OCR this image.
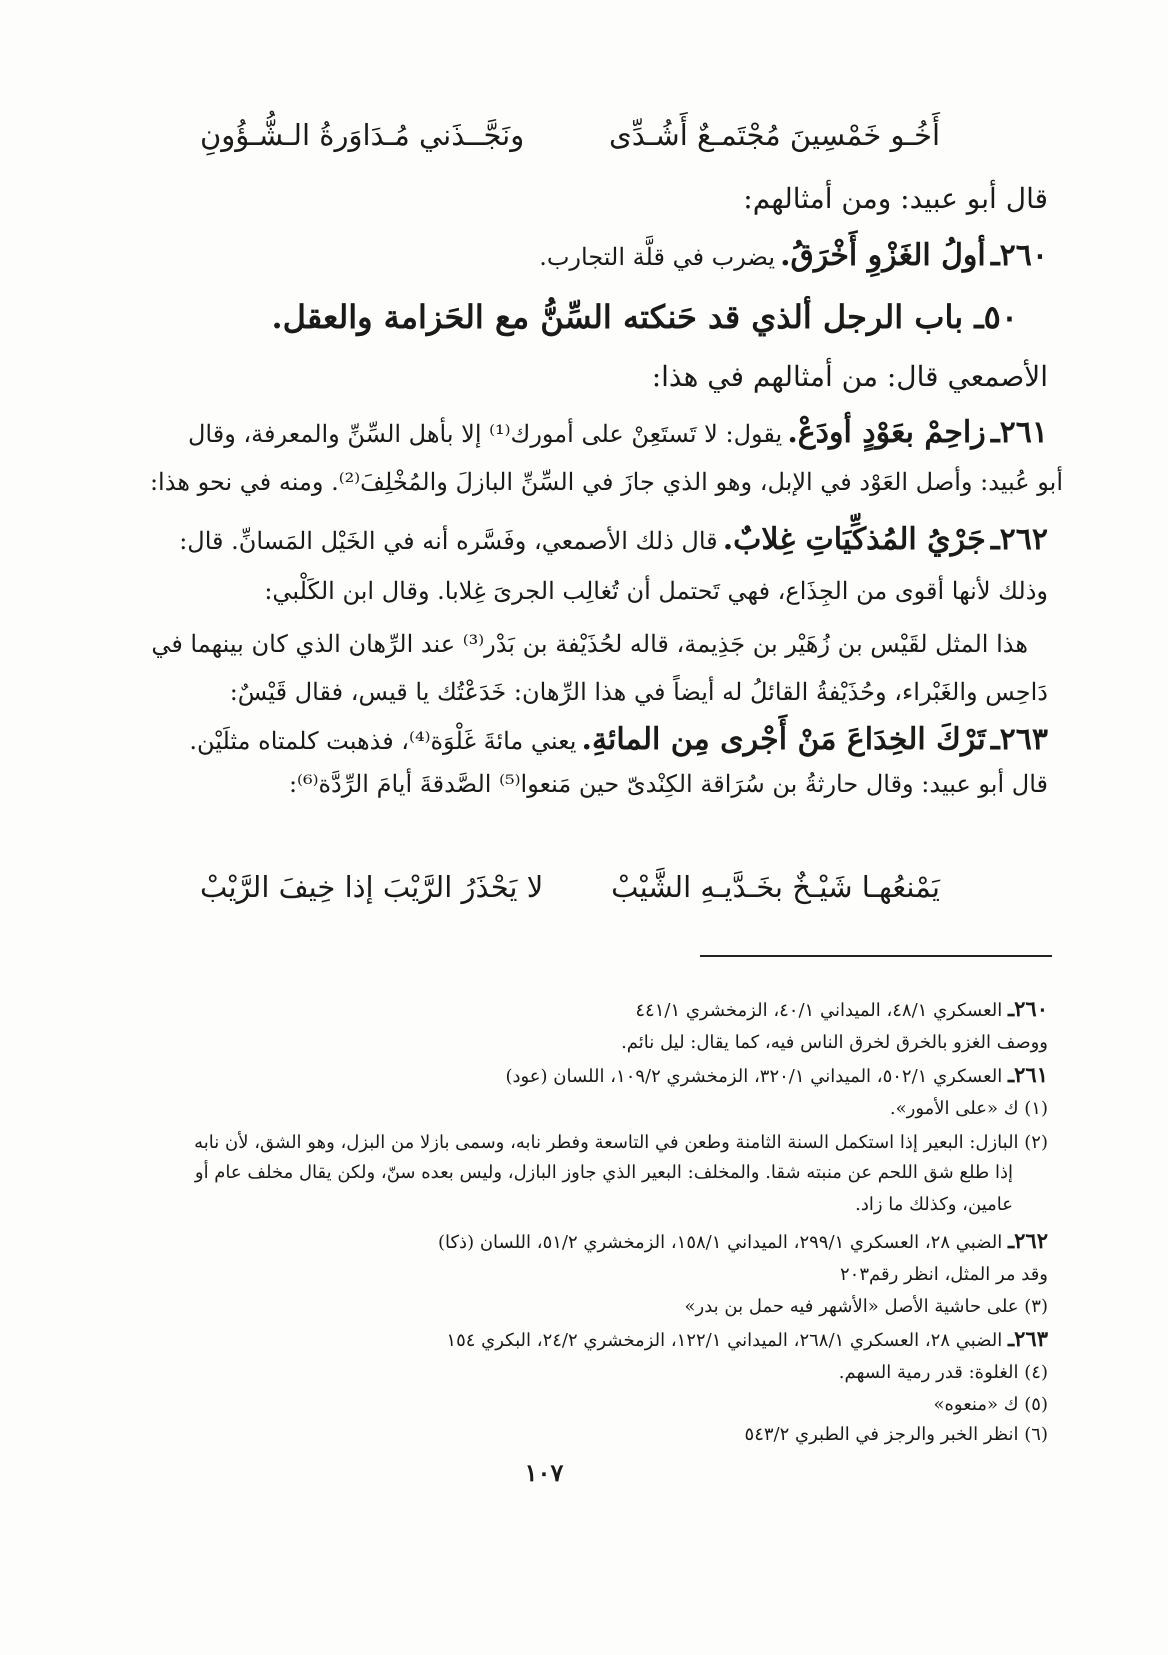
أَخُـو خَمْسِينَ مُجْتَمـعٌ أَشُـدِّى
ونَجَّــذَني مُـدَاوَرةُ الـشُّـؤُونِ
قال أبو عبيد: ومن أمثالهم:
٢٦٠ـ أولُ الغَزْوِ أَخْرَقُ. يضرب في قلَّة التجارب.
٥٠ـ باب الرجل ألذي قد حَنكته السِّنُّ مع الحَزامة والعقل.
الأصمعي قال: من أمثالهم في هذا:
٢٦١ـ زاحِمْ بعَوْدٍ أودَعْ. يقول: لا تَستَعِنْ على أمورك⁽¹⁾ إلا بأهل السِّنِّ والمعرفة، وقال
أبو عُبيد: وأصل العَوْد في الإبل، وهو الذي جازَ في السِّنِّ البازلَ والمُخْلِفَ⁽²⁾. ومنه في نحو هذا:
٢٦٢ـ جَرْيُ المُذكِّيَاتِ غِلابٌ. قال ذلك الأصمعي، وفَسَّره أنه في الخَيْل المَسانِّ. قال:
وذلك لأنها أقوى من الجِذَاع، فهي تَحتمل أن تُغالِب الجرىَ غِلابا. وقال ابن الكَلْبي:
هذا المثل لقَيْس بن زُهَيْر بن جَذِيمة، قاله لحُذَيْفة بن بَدْر⁽³⁾ عند الرِّهان الذي كان بينهما في
دَاحِس والغَبْراء، وحُذَيْفةُ القائلُ له أيضاً في هذا الرِّهان: خَدَعْتُك يا قيس، فقال قَيْسٌ:
٢٦٣ـ تَرْكَ الخِدَاعَ مَنْ أَجْرى مِن المائةِ. يعني مائةَ غَلْوَة⁽⁴⁾، فذهبت كلمتاه مثلَيْن.
قال أبو عبيد: وقال حارثةُ بن سُرَاقة الكِنْدىّ حين مَنعوا⁽⁵⁾ الصَّدقةَ أيامَ الرِّدَّة⁽⁶⁾:
يَمْنعُهـا شَيْـخٌ بخَـدَّيـهِ الشَّيْبْ
لا يَحْذَرُ الرَّيْبَ إذا خِيفَ الرَّيْبْ
٢٦٠ـ العسكري ٤٨/١، الميداني ٤٠/١، الزمخشري ٤٤١/١
ووصف الغزو بالخرق لخرق الناس فيه، كما يقال: ليل نائم.
٢٦١ـ العسكري ٥٠٢/١، الميداني ٣٢٠/١، الزمخشري ١٠٩/٢، اللسان (عود)
(١) ك «على الأمور».
(٢) البازل: البعير إذا استكمل السنة الثامنة وطعن في التاسعة وفطر نابه، وسمى بازلا من البزل، وهو الشق، لأن نابه
إذا طلع شق اللحم عن منبته شقا. والمخلف: البعير الذي جاوز البازل، وليس بعده سنّ، ولكن يقال مخلف عام أو
عامين، وكذلك ما زاد.
٢٦٢ـ الضبي ٢٨، العسكري ٢٩٩/١، الميداني ١٥٨/١، الزمخشري ٥١/٢، اللسان (ذكا)
وقد مر المثل، انظر رقم٢٠٣
(٣) على حاشية الأصل «الأشهر فيه حمل بن بدر»
٢٦٣ـ الضبي ٢٨، العسكري ٢٦٨/١، الميداني ١٢٢/١، الزمخشري ٢٤/٢، البكري ١٥٤
(٤) الغلوة: قدر رمية السهم.
(٥) ك «منعوه»
(٦) انظر الخبر والرجز في الطبري ٥٤٣/٢
١٠٧
